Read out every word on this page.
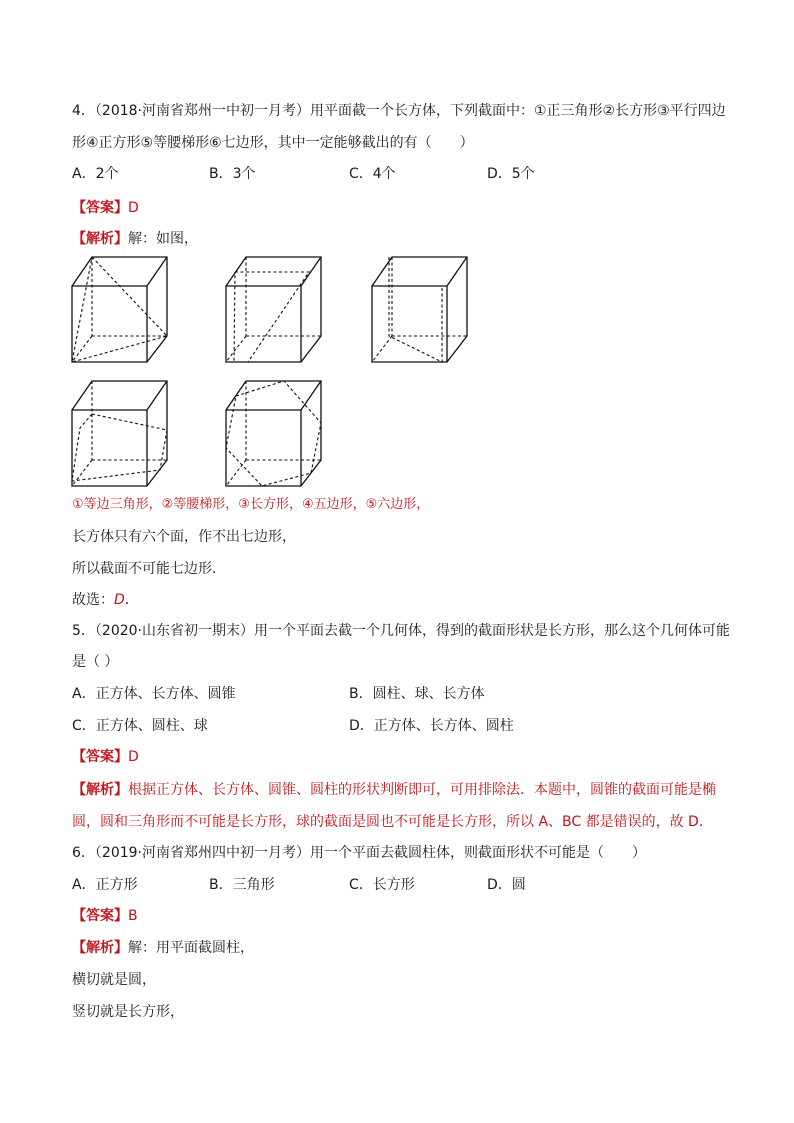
4．（2018·河南省郑州一中初一月考）用平面截一个长方体，下列截面中：①正三角形②长方形③平行四边
形④正方形⑤等腰梯形⑥七边形，其中一定能够截出的有（　　）
A．2个	B．3个	C．4个	D．5个
【答案】D
【解析】解：如图，
①等边三角形，②等腰梯形，③长方形，④五边形，⑤六边形，
长方体只有六个面，作不出七边形，
所以截面不可能七边形．
故选：D．
5．（2020·山东省初一期末）用一个平面去截一个几何体，得到的截面形状是长方形，那么这个几何体可能
是（ ）
A．正方体、长方体、圆锥	B．圆柱、球、长方体
C．正方体、圆柱、球	D．正方体、长方体、圆柱
【答案】D
【解析】根据正方体、长方体、圆锥、圆柱的形状判断即可，可用排除法．本题中，圆锥的截面可能是椭
圆，圆和三角形而不可能是长方形，球的截面是圆也不可能是长方形，所以 A、BC 都是错误的，故 D．
6．（2019·河南省郑州四中初一月考）用一个平面去截圆柱体，则截面形状不可能是（　　）
A．正方形	B．三角形	C．长方形	D．圆
【答案】B
【解析】解：用平面截圆柱，
横切就是圆，
竖切就是长方形，
